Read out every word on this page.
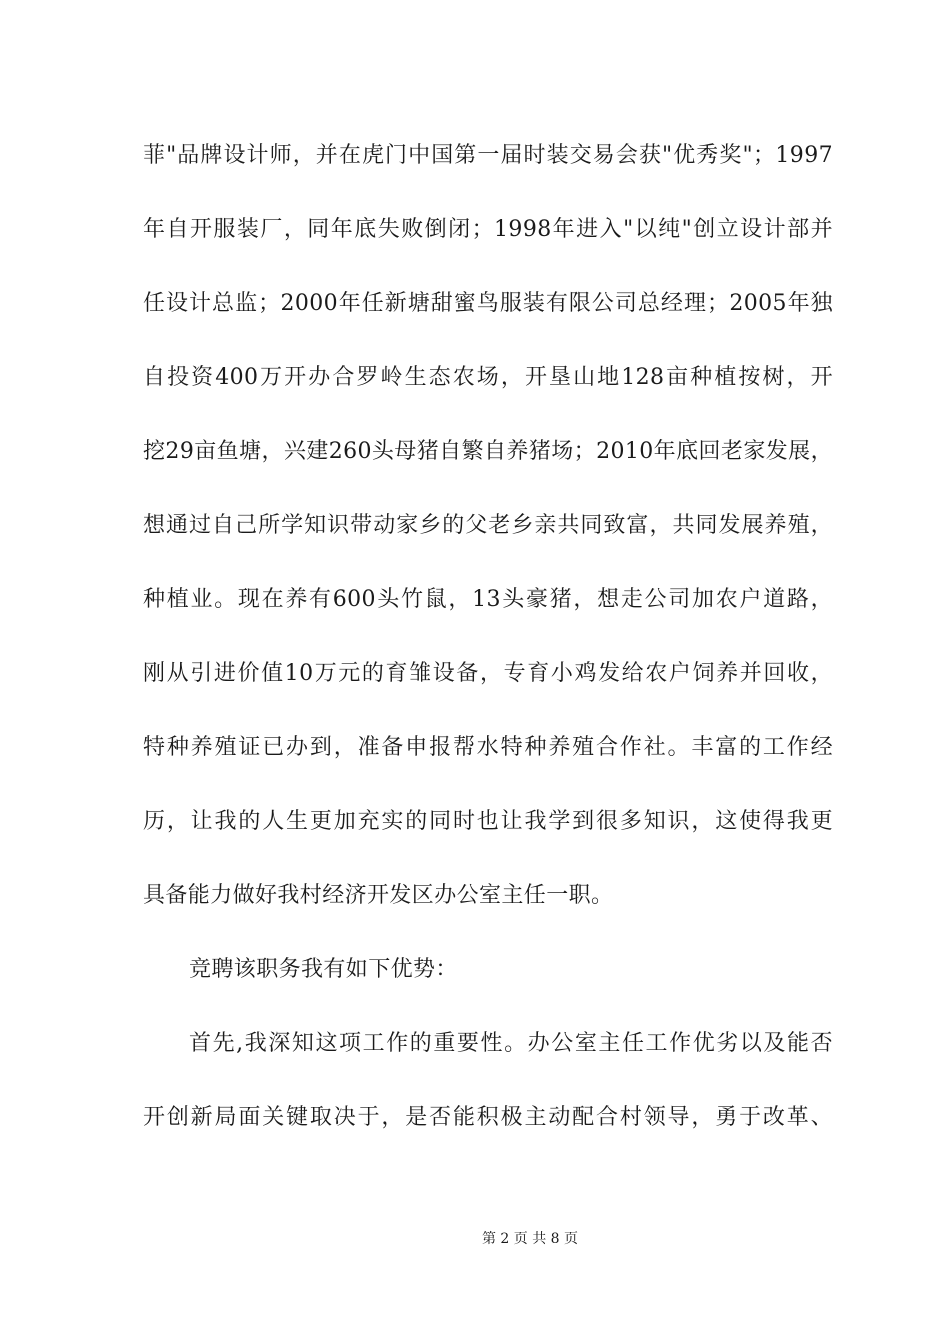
菲"品牌设计师，并在虎门中国第一届时装交易会获"优秀奖"；1997
年自开服装厂，同年底失败倒闭；1998年进入"以纯"创立设计部并
任设计总监；2000年任新塘甜蜜鸟服装有限公司总经理；2005年独
自投资400万开办合罗岭生态农场，开垦山地128亩种植按树，开
挖29亩鱼塘，兴建260头母猪自繁自养猪场；2010年底回老家发展，
想通过自己所学知识带动家乡的父老乡亲共同致富，共同发展养殖，
种植业。现在养有600头竹鼠，13头豪猪，想走公司加农户道路，
刚从引进价值10万元的育雏设备，专育小鸡发给农户饲养并回收，
特种养殖证已办到，准备申报帮水特种养殖合作社。丰富的工作经
历，让我的人生更加充实的同时也让我学到很多知识，这使得我更
具备能力做好我村经济开发区办公室主任一职。
竞聘该职务我有如下优势：
首先,我深知这项工作的重要性。办公室主任工作优劣以及能否
开创新局面关键取决于，是否能积极主动配合村领导，勇于改革、
第 2 页 共 8 页
